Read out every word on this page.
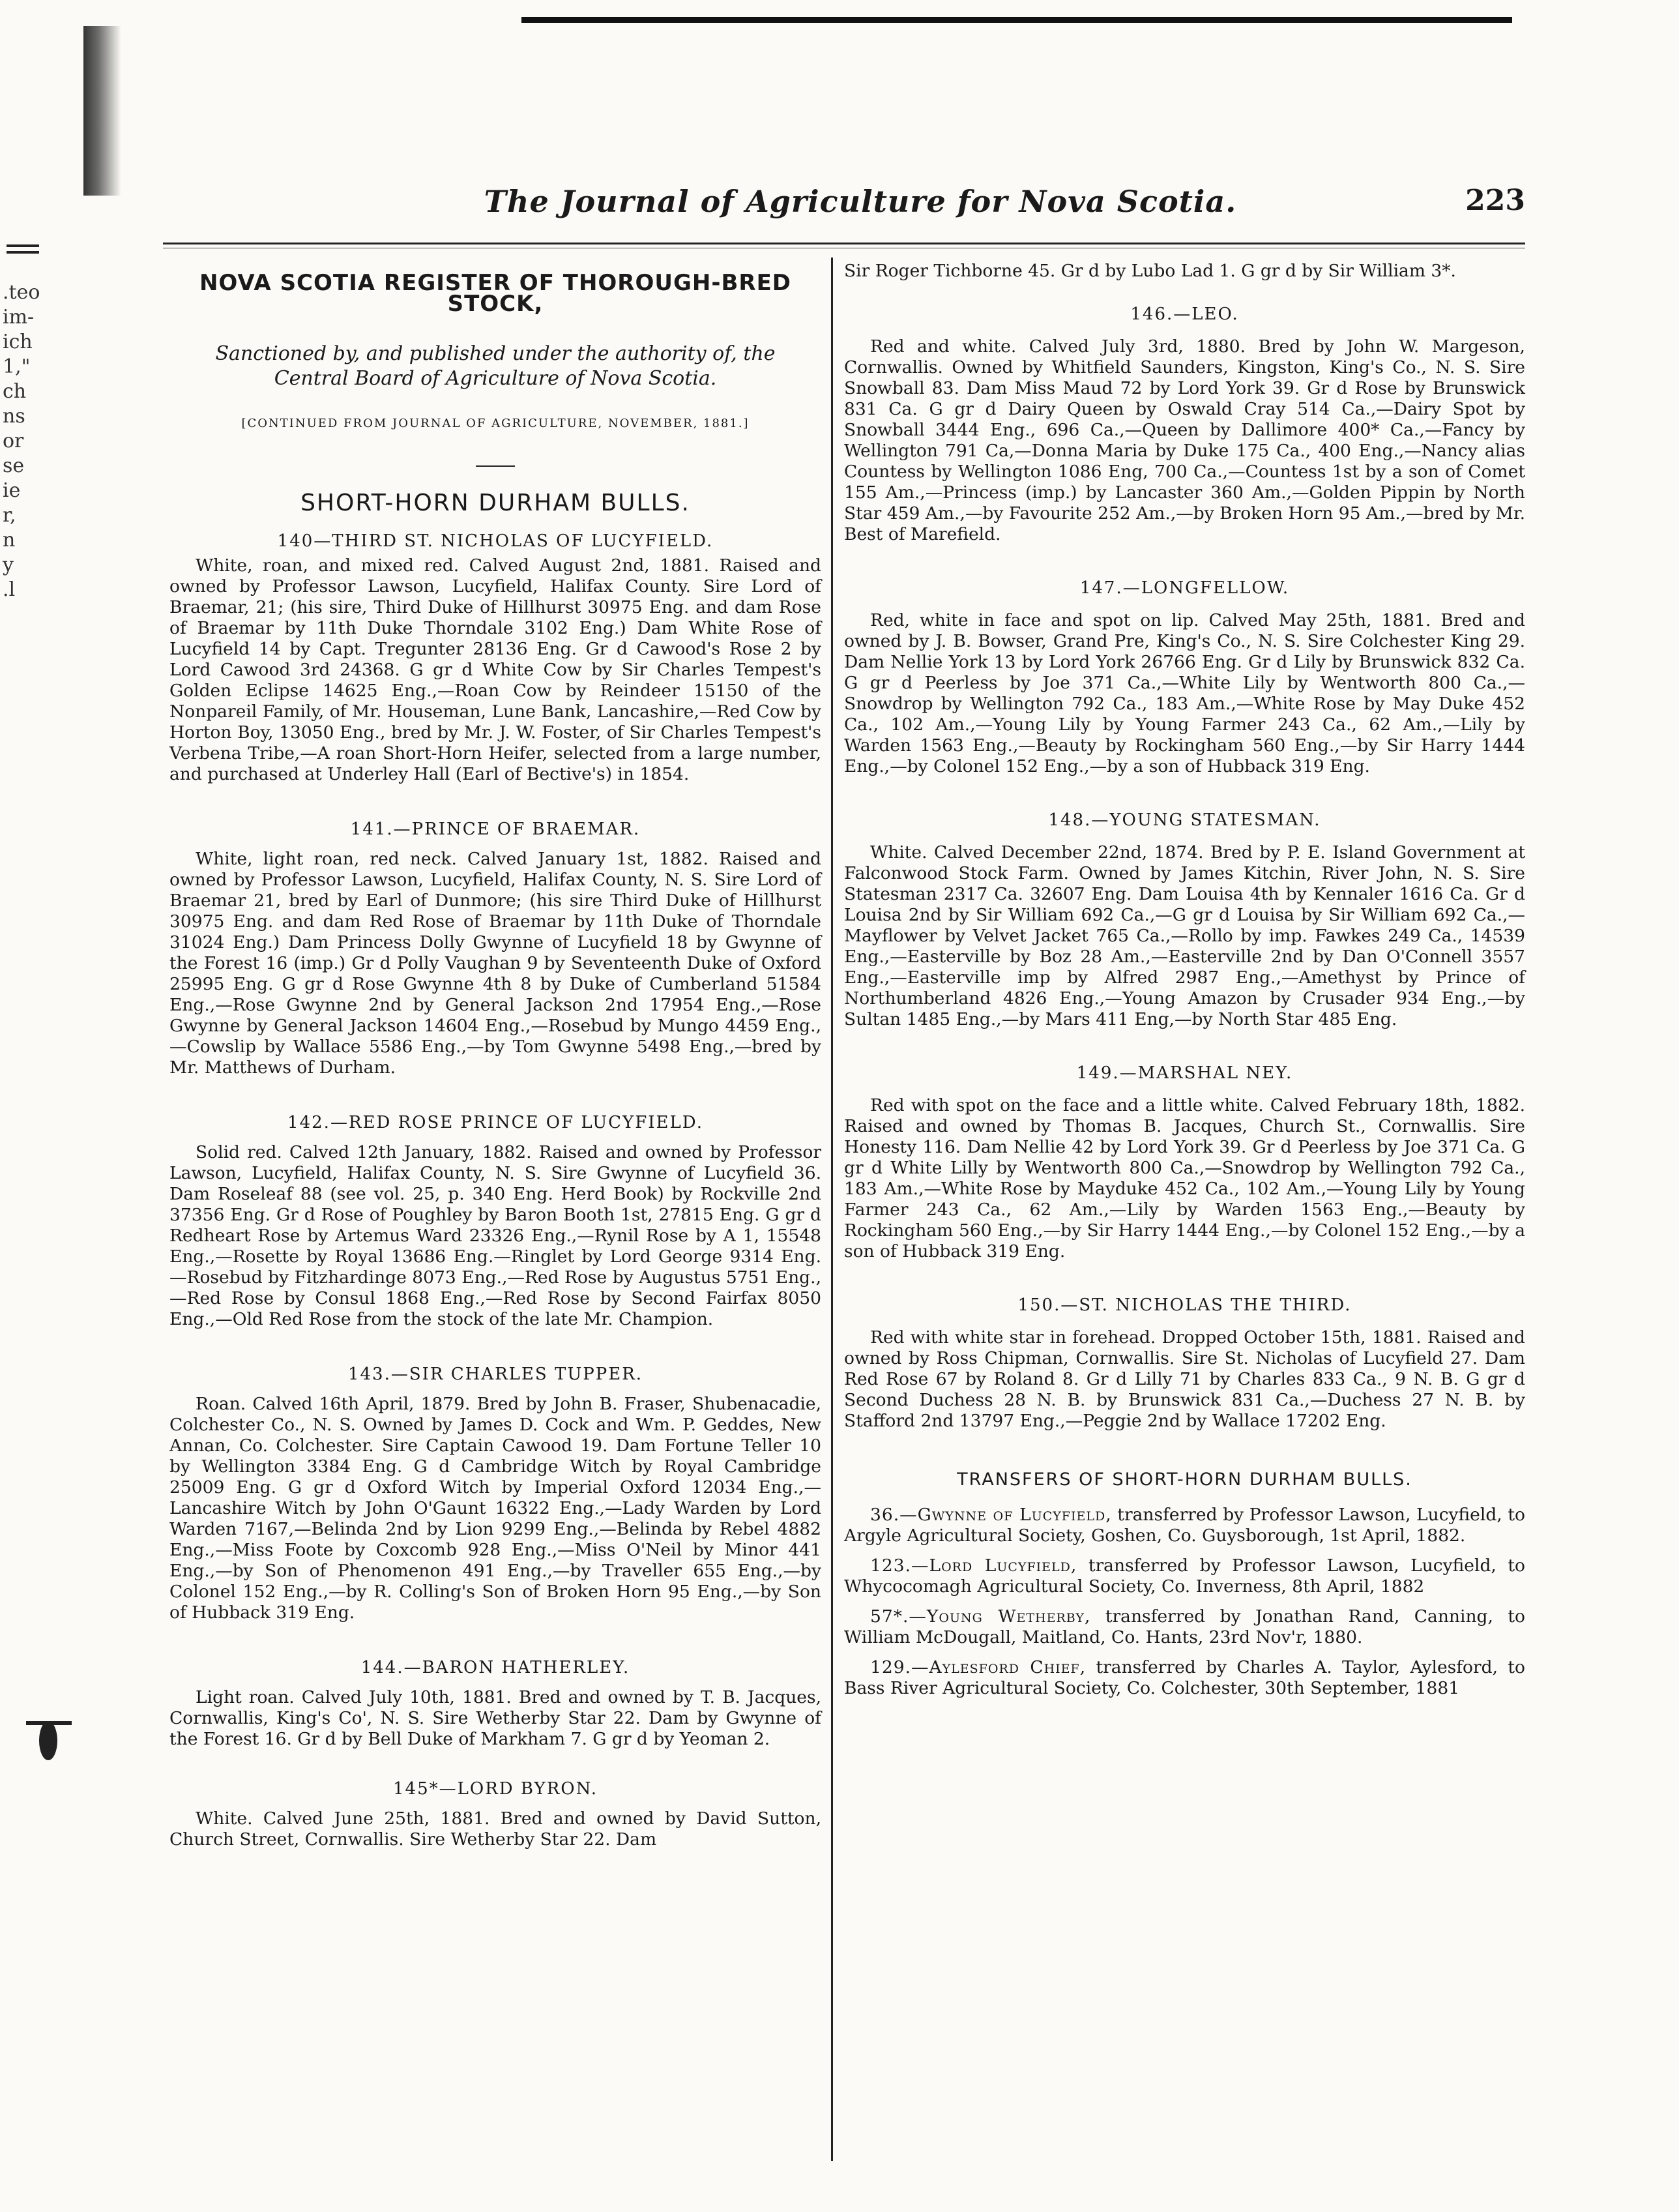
.teo
im-
ich
1,"
ch
ns
or
se
ie
r,
n
y
.l
The Journal of Agriculture for Nova Scotia.	223

NOVA SCOTIA REGISTER OF THOROUGH-BRED STOCK,

Sanctioned by, and published under the authority of, the Central Board of Agriculture of Nova Scotia.

[CONTINUED FROM JOURNAL OF AGRICULTURE, NOVEMBER, 1881.]

SHORT-HORN DURHAM BULLS.

140—THIRD ST. NICHOLAS OF LUCYFIELD.

White, roan, and mixed red. Calved August 2nd, 1881. Raised and owned by Professor Lawson, Lucyfield, Halifax County. Sire Lord of Braemar, 21; (his sire, Third Duke of Hillhurst 30975 Eng. and dam Rose of Braemar by 11th Duke Thorndale 3102 Eng.) Dam White Rose of Lucyfield 14 by Capt. Tregunter 28136 Eng. Gr d Cawood's Rose 2 by Lord Cawood 3rd 24368. G gr d White Cow by Sir Charles Tempest's Golden Eclipse 14625 Eng.,—Roan Cow by Reindeer 15150 of the Nonpareil Family, of Mr. Houseman, Lune Bank, Lancashire,—Red Cow by Horton Boy, 13050 Eng., bred by Mr. J. W. Foster, of Sir Charles Tempest's Verbena Tribe,—A roan Short-Horn Heifer, selected from a large number, and purchased at Underley Hall (Earl of Bective's) in 1854.

141.—PRINCE OF BRAEMAR.

White, light roan, red neck. Calved January 1st, 1882. Raised and owned by Professor Lawson, Lucyfield, Halifax County, N. S. Sire Lord of Braemar 21, bred by Earl of Dunmore; (his sire Third Duke of Hillhurst 30975 Eng. and dam Red Rose of Braemar by 11th Duke of Thorndale 31024 Eng.) Dam Princess Dolly Gwynne of Lucyfield 18 by Gwynne of the Forest 16 (imp.) Gr d Polly Vaughan 9 by Seventeenth Duke of Oxford 25995 Eng. G gr d Rose Gwynne 4th 8 by Duke of Cumberland 51584 Eng.,—Rose Gwynne 2nd by General Jackson 2nd 17954 Eng.,—Rose Gwynne by General Jackson 14604 Eng.,—Rosebud by Mungo 4459 Eng.,—Cowslip by Wallace 5586 Eng.,—by Tom Gwynne 5498 Eng.,—bred by Mr. Matthews of Durham.

142.—RED ROSE PRINCE OF LUCYFIELD.

Solid red. Calved 12th January, 1882. Raised and owned by Professor Lawson, Lucyfield, Halifax County, N. S. Sire Gwynne of Lucyfield 36. Dam Roseleaf 88 (see vol. 25, p. 340 Eng. Herd Book) by Rockville 2nd 37356 Eng. Gr d Rose of Poughley by Baron Booth 1st, 27815 Eng. G gr d Redheart Rose by Artemus Ward 23326 Eng.,—Rynil Rose by A 1, 15548 Eng.,—Rosette by Royal 13686 Eng.—Ringlet by Lord George 9314 Eng.—Rosebud by Fitzhardinge 8073 Eng.,—Red Rose by Augustus 5751 Eng.,—Red Rose by Consul 1868 Eng.,—Red Rose by Second Fairfax 8050 Eng.,—Old Red Rose from the stock of the late Mr. Champion.

143.—SIR CHARLES TUPPER.

Roan. Calved 16th April, 1879. Bred by John B. Fraser, Shubenacadie, Colchester Co., N. S. Owned by James D. Cock and Wm. P. Geddes, New Annan, Co. Colchester. Sire Captain Cawood 19. Dam Fortune Teller 10 by Wellington 3384 Eng. G d Cambridge Witch by Royal Cambridge 25009 Eng. G gr d Oxford Witch by Imperial Oxford 12034 Eng.,—Lancashire Witch by John O'Gaunt 16322 Eng.,—Lady Warden by Lord Warden 7167,—Belinda 2nd by Lion 9299 Eng.,—Belinda by Rebel 4882 Eng.,—Miss Foote by Coxcomb 928 Eng.,—Miss O'Neil by Minor 441 Eng.,—by Son of Phenomenon 491 Eng.,—by Traveller 655 Eng.,—by Colonel 152 Eng.,—by R. Colling's Son of Broken Horn 95 Eng.,—by Son of Hubback 319 Eng.

144.—BARON HATHERLEY.

Light roan. Calved July 10th, 1881. Bred and owned by T. B. Jacques, Cornwallis, King's Co', N. S. Sire Wetherby Star 22. Dam by Gwynne of the Forest 16. Gr d by Bell Duke of Markham 7. G gr d by Yeoman 2.

145*—LORD BYRON.

White. Calved June 25th, 1881. Bred and owned by David Sutton, Church Street, Cornwallis. Sire Wetherby Star 22. Dam

Sir Roger Tichborne 45. Gr d by Lubo Lad 1. G gr d by Sir William 3*.

146.—LEO.

Red and white. Calved July 3rd, 1880. Bred by John W. Margeson, Cornwallis. Owned by Whitfield Saunders, Kingston, King's Co., N. S. Sire Snowball 83. Dam Miss Maud 72 by Lord York 39. Gr d Rose by Brunswick 831 Ca. G gr d Dairy Queen by Oswald Cray 514 Ca.,—Dairy Spot by Snowball 3444 Eng., 696 Ca.,—Queen by Dallimore 400* Ca.,—Fancy by Wellington 791 Ca,—Donna Maria by Duke 175 Ca., 400 Eng.,—Nancy alias Countess by Wellington 1086 Eng, 700 Ca.,—Countess 1st by a son of Comet 155 Am.,—Princess (imp.) by Lancaster 360 Am.,—Golden Pippin by North Star 459 Am.,—by Favourite 252 Am.,—by Broken Horn 95 Am.,—bred by Mr. Best of Marefield.

147.—LONGFELLOW.

Red, white in face and spot on lip. Calved May 25th, 1881. Bred and owned by J. B. Bowser, Grand Pre, King's Co., N. S. Sire Colchester King 29. Dam Nellie York 13 by Lord York 26766 Eng. Gr d Lily by Brunswick 832 Ca. G gr d Peerless by Joe 371 Ca.,—White Lily by Wentworth 800 Ca.,—Snowdrop by Wellington 792 Ca., 183 Am.,—White Rose by May Duke 452 Ca., 102 Am.,—Young Lily by Young Farmer 243 Ca., 62 Am.,—Lily by Warden 1563 Eng.,—Beauty by Rockingham 560 Eng.,—by Sir Harry 1444 Eng.,—by Colonel 152 Eng.,—by a son of Hubback 319 Eng.

148.—YOUNG STATESMAN.

White. Calved December 22nd, 1874. Bred by P. E. Island Government at Falconwood Stock Farm. Owned by James Kitchin, River John, N. S. Sire Statesman 2317 Ca. 32607 Eng. Dam Louisa 4th by Kennaler 1616 Ca. Gr d Louisa 2nd by Sir William 692 Ca.,—G gr d Louisa by Sir William 692 Ca.,—Mayflower by Velvet Jacket 765 Ca.,—Rollo by imp. Fawkes 249 Ca., 14539 Eng.,—Easterville by Boz 28 Am.,—Easterville 2nd by Dan O'Connell 3557 Eng.,—Easterville imp by Alfred 2987 Eng.,—Amethyst by Prince of Northumberland 4826 Eng.,—Young Amazon by Crusader 934 Eng.,—by Sultan 1485 Eng.,—by Mars 411 Eng,—by North Star 485 Eng.

149.—MARSHAL NEY.

Red with spot on the face and a little white. Calved February 18th, 1882. Raised and owned by Thomas B. Jacques, Church St., Cornwallis. Sire Honesty 116. Dam Nellie 42 by Lord York 39. Gr d Peerless by Joe 371 Ca. G gr d White Lilly by Wentworth 800 Ca.,—Snowdrop by Wellington 792 Ca., 183 Am.,—White Rose by Mayduke 452 Ca., 102 Am.,—Young Lily by Young Farmer 243 Ca., 62 Am.,—Lily by Warden 1563 Eng.,—Beauty by Rockingham 560 Eng.,—by Sir Harry 1444 Eng.,—by Colonel 152 Eng.,—by a son of Hubback 319 Eng.

150.—ST. NICHOLAS THE THIRD.

Red with white star in forehead. Dropped October 15th, 1881. Raised and owned by Ross Chipman, Cornwallis. Sire St. Nicholas of Lucyfield 27. Dam Red Rose 67 by Roland 8. Gr d Lilly 71 by Charles 833 Ca., 9 N. B. G gr d Second Duchess 28 N. B. by Brunswick 831 Ca.,—Duchess 27 N. B. by Stafford 2nd 13797 Eng.,—Peggie 2nd by Wallace 17202 Eng.

TRANSFERS OF SHORT-HORN DURHAM BULLS.

36.—Gwynne of Lucyfield, transferred by Professor Lawson, Lucyfield, to Argyle Agricultural Society, Goshen, Co. Guysborough, 1st April, 1882.

123.—Lord Lucyfield, transferred by Professor Lawson, Lucyfield, to Whycocomagh Agricultural Society, Co. Inverness, 8th April, 1882

57*.—Young Wetherby, transferred by Jonathan Rand, Canning, to William McDougall, Maitland, Co. Hants, 23rd Nov'r, 1880.

129.—Aylesford Chief, transferred by Charles A. Taylor, Aylesford, to Bass River Agricultural Society, Co. Colchester, 30th September, 1881
